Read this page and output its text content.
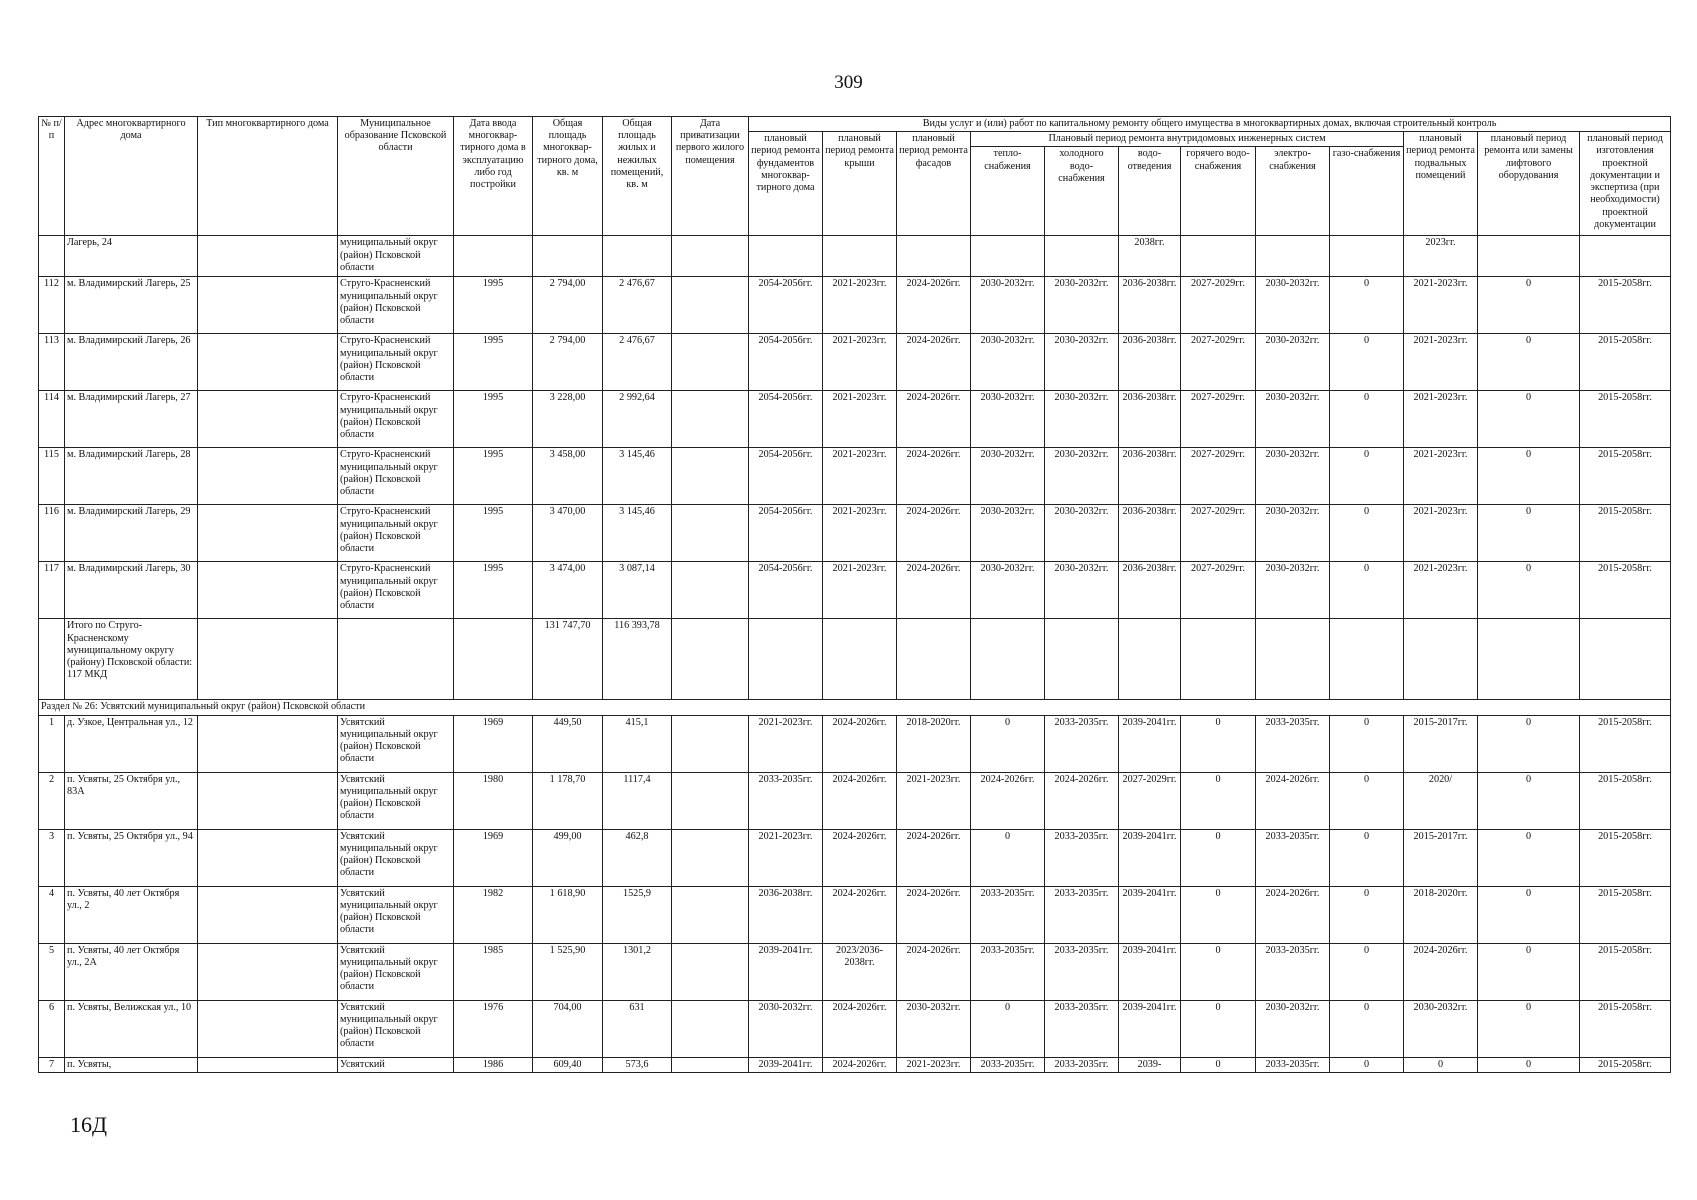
309
№ п/п	Адрес многоквартирного дома	Тип многоквартирного дома	Муниципальное образование Псковской области	Дата ввода многоквар-тирного дома в эксплуатацию либо год постройки	Общая площадь многоквар-тирного дома, кв. м	Общая площадь жилых и нежилых помещений, кв. м	Дата приватизации первого жилого помещения	Виды услуг и (или) работ по капитальному ремонту общего имущества в многоквартирных домах, включая строительный контроль											
								плановый период ремонта фундаментов многоквар-тирного дома	плановый период ремонта крыши	плановый период ремонта фасадов	Плановый период ремонта внутридомовых инженерных систем						плановый период ремонта подвальных помещений	плановый период ремонта или замены лифтового оборудования	плановый период изготовления проектной документации и экспертиза (при необходимости) проектной документации
											тепло-снабжения	холодного водо-снабжения	водо-отведения	горячего водо-снабжения	электро-снабжения	газо-снабжения			
	Лагерь, 24		муниципальный округ (район) Псковской области										2038гг.				2023гг.		
112	м. Владимирский Лагерь, 25		Струго-Красненский муниципальный округ (район) Псковской области	1995	2 794,00	2 476,67		2054-2056гг.	2021-2023гг.	2024-2026гг.	2030-2032гг.	2030-2032гг.	2036-2038гг.	2027-2029гг.	2030-2032гг.	0	2021-2023гг.	0	2015-2058гг.
113	м. Владимирский Лагерь, 26		Струго-Красненский муниципальный округ (район) Псковской области	1995	2 794,00	2 476,67		2054-2056гг.	2021-2023гг.	2024-2026гг.	2030-2032гг.	2030-2032гг.	2036-2038гг.	2027-2029гг.	2030-2032гг.	0	2021-2023гг.	0	2015-2058гг.
114	м. Владимирский Лагерь, 27		Струго-Красненский муниципальный округ (район) Псковской области	1995	3 228,00	2 992,64		2054-2056гг.	2021-2023гг.	2024-2026гг.	2030-2032гг.	2030-2032гг.	2036-2038гг.	2027-2029гг.	2030-2032гг.	0	2021-2023гг.	0	2015-2058гг.
115	м. Владимирский Лагерь, 28		Струго-Красненский муниципальный округ (район) Псковской области	1995	3 458,00	3 145,46		2054-2056гг.	2021-2023гг.	2024-2026гг.	2030-2032гг.	2030-2032гг.	2036-2038гг.	2027-2029гг.	2030-2032гг.	0	2021-2023гг.	0	2015-2058гг.
116	м. Владимирский Лагерь, 29		Струго-Красненский муниципальный округ (район) Псковской области	1995	3 470,00	3 145,46		2054-2056гг.	2021-2023гг.	2024-2026гг.	2030-2032гг.	2030-2032гг.	2036-2038гг.	2027-2029гг.	2030-2032гг.	0	2021-2023гг.	0	2015-2058гг.
117	м. Владимирский Лагерь, 30		Струго-Красненский муниципальный округ (район) Псковской области	1995	3 474,00	3 087,14		2054-2056гг.	2021-2023гг.	2024-2026гг.	2030-2032гг.	2030-2032гг.	2036-2038гг.	2027-2029гг.	2030-2032гг.	0	2021-2023гг.	0	2015-2058гг.
	Итого по Струго-Красненскому муниципальному округу (району) Псковской области: 117 МКД				131 747,70	116 393,78													
Раздел № 26: Усвятский муниципальный округ (район) Псковской области																			
1	д. Узкое, Центральная ул., 12		Усвятский муниципальный округ (район) Псковской области	1969	449,50	415,1		2021-2023гг.	2024-2026гг.	2018-2020гг.	0	2033-2035гг.	2039-2041гг.	0	2033-2035гг.	0	2015-2017гг.	0	2015-2058гг.
2	п. Усвяты, 25 Октября ул., 83А		Усвятский муниципальный округ (район) Псковской области	1980	1 178,70	1117,4		2033-2035гг.	2024-2026гг.	2021-2023гг.	2024-2026гг.	2024-2026гг.	2027-2029гг.	0	2024-2026гг.	0	2020/	0	2015-2058гг.
3	п. Усвяты, 25 Октября ул., 94		Усвятский муниципальный округ (район) Псковской области	1969	499,00	462,8		2021-2023гг.	2024-2026гг.	2024-2026гг.	0	2033-2035гг.	2039-2041гг.	0	2033-2035гг.	0	2015-2017гг.	0	2015-2058гг.
4	п. Усвяты, 40 лет Октября ул., 2		Усвятский муниципальный округ (район) Псковской области	1982	1 618,90	1525,9		2036-2038гг.	2024-2026гг.	2024-2026гг.	2033-2035гг.	2033-2035гг.	2039-2041гг.	0	2024-2026гг.	0	2018-2020гг.	0	2015-2058гг.
5	п. Усвяты, 40 лет Октября ул., 2А		Усвятский муниципальный округ (район) Псковской области	1985	1 525,90	1301,2		2039-2041гг.	2023/2036-2038гг.	2024-2026гг.	2033-2035гг.	2033-2035гг.	2039-2041гг.	0	2033-2035гг.	0	2024-2026гг.	0	2015-2058гг.
6	п. Усвяты, Велижская ул., 10		Усвятский муниципальный округ (район) Псковской области	1976	704,00	631		2030-2032гг.	2024-2026гг.	2030-2032гг.	0	2033-2035гг.	2039-2041гг.	0	2030-2032гг.	0	2030-2032гг.	0	2015-2058гг.
7	п. Усвяты,		Усвятский	1986	609,40	573,6		2039-2041гг.	2024-2026гг.	2021-2023гг.	2033-2035гг.	2033-2035гг.	2039-	0	2033-2035гг.	0	0	0	2015-2058гг.
16Д
